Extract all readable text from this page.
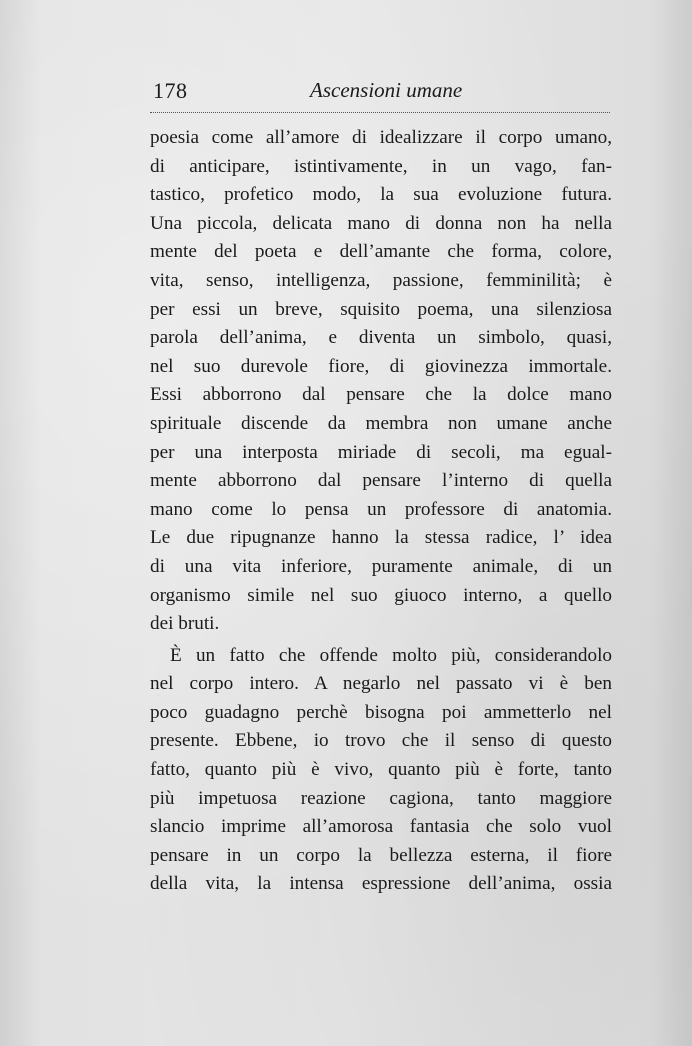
178	Ascensioni umane
poesia come all’amore di idealizzare il corpo umano,
di anticipare, istintivamente, in un vago, fan-
tastico, profetico modo, la sua evoluzione futura.
Una piccola, delicata mano di donna non ha nella
mente del poeta e dell’amante che forma, colore,
vita, senso, intelligenza, passione, femminilità; è
per essi un breve, squisito poema, una silenziosa
parola dell’anima, e diventa un simbolo, quasi,
nel suo durevole fiore, di giovinezza immortale.
Essi abborrono dal pensare che la dolce mano
spirituale discende da membra non umane anche
per una interposta miriade di secoli, ma egual-
mente abborrono dal pensare l’interno di quella
mano come lo pensa un professore di anatomia.
Le due ripugnanze hanno la stessa radice, l’ idea
di una vita inferiore, puramente animale, di un
organismo simile nel suo giuoco interno, a quello
dei bruti.
È un fatto che offende molto più, considerandolo
nel corpo intero. A negarlo nel passato vi è ben
poco guadagno perchè bisogna poi ammetterlo nel
presente. Ebbene, io trovo che il senso di questo
fatto, quanto più è vivo, quanto più è forte, tanto
più impetuosa reazione cagiona, tanto maggiore
slancio imprime all’amorosa fantasia che solo vuol
pensare in un corpo la bellezza esterna, il fiore
della vita, la intensa espressione dell’anima, ossia
